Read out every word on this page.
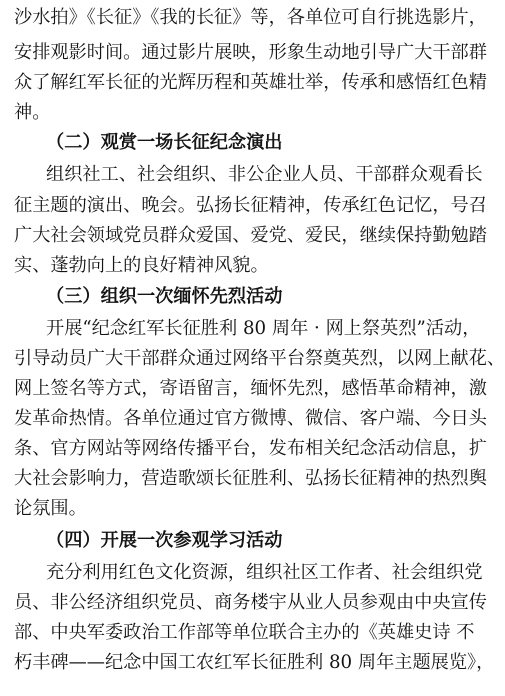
沙水拍》《长征》《我的长征》等，各单位可自行挑选影片，
安排观影时间。通过影片展映，形象生动地引导广大干部群
众了解红军长征的光辉历程和英雄壮举，传承和感悟红色精
神。
（二）观赏一场长征纪念演出
组织社工、社会组织、非公企业人员、干部群众观看长
征主题的演出、晚会。弘扬长征精神，传承红色记忆，号召
广大社会领域党员群众爱国、爱党、爱民，继续保持勤勉踏
实、蓬勃向上的良好精神风貌。
（三）组织一次缅怀先烈活动
开展“纪念红军长征胜利 80 周年 · 网上祭英烈”活动，
引导动员广大干部群众通过网络平台祭奠英烈，以网上献花、
网上签名等方式，寄语留言，缅怀先烈，感悟革命精神，激
发革命热情。各单位通过官方微博、微信、客户端、今日头
条、官方网站等网络传播平台，发布相关纪念活动信息，扩
大社会影响力，营造歌颂长征胜利、弘扬长征精神的热烈舆
论氛围。
（四）开展一次参观学习活动
充分利用红色文化资源，组织社区工作者、社会组织党
员、非公经济组织党员、商务楼宇从业人员参观由中央宣传
部、中央军委政治工作部等单位联合主办的《英雄史诗 不
朽丰碑——纪念中国工农红军长征胜利 80 周年主题展览》，
